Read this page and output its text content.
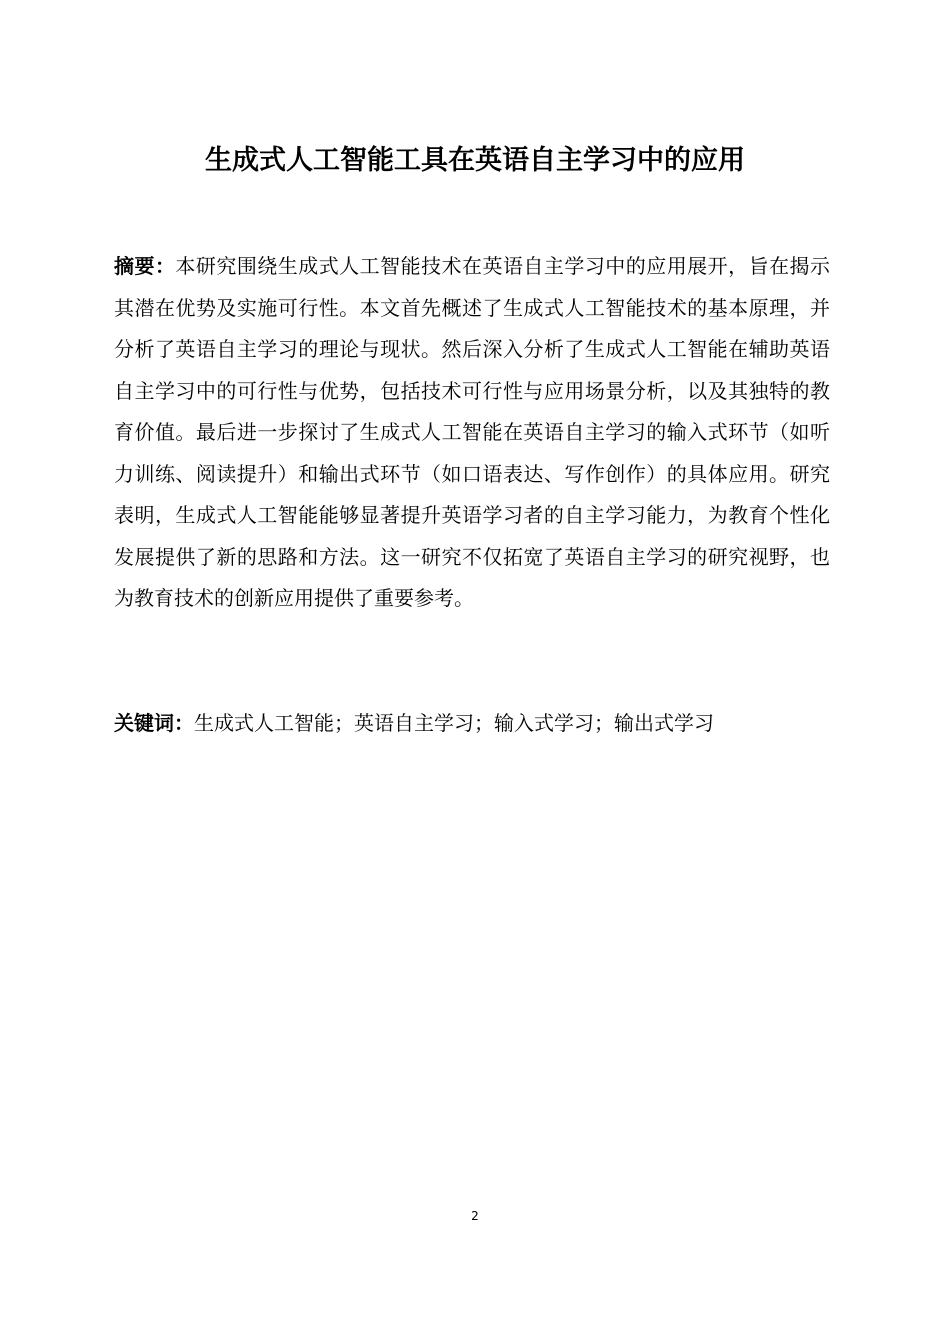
生成式人工智能工具在英语自主学习中的应用

摘要：本研究围绕生成式人工智能技术在英语自主学习中的应用展开，旨在揭示其潜在优势及实施可行性。本文首先概述了生成式人工智能技术的基本原理，并分析了英语自主学习的理论与现状。然后深入分析了生成式人工智能在辅助英语自主学习中的可行性与优势，包括技术可行性与应用场景分析，以及其独特的教育价值。最后进一步探讨了生成式人工智能在英语自主学习的输入式环节（如听力训练、阅读提升）和输出式环节（如口语表达、写作创作）的具体应用。研究表明，生成式人工智能能够显著提升英语学习者的自主学习能力，为教育个性化发展提供了新的思路和方法。这一研究不仅拓宽了英语自主学习的研究视野，也为教育技术的创新应用提供了重要参考。

关键词：生成式人工智能；英语自主学习；输入式学习；输出式学习

2
